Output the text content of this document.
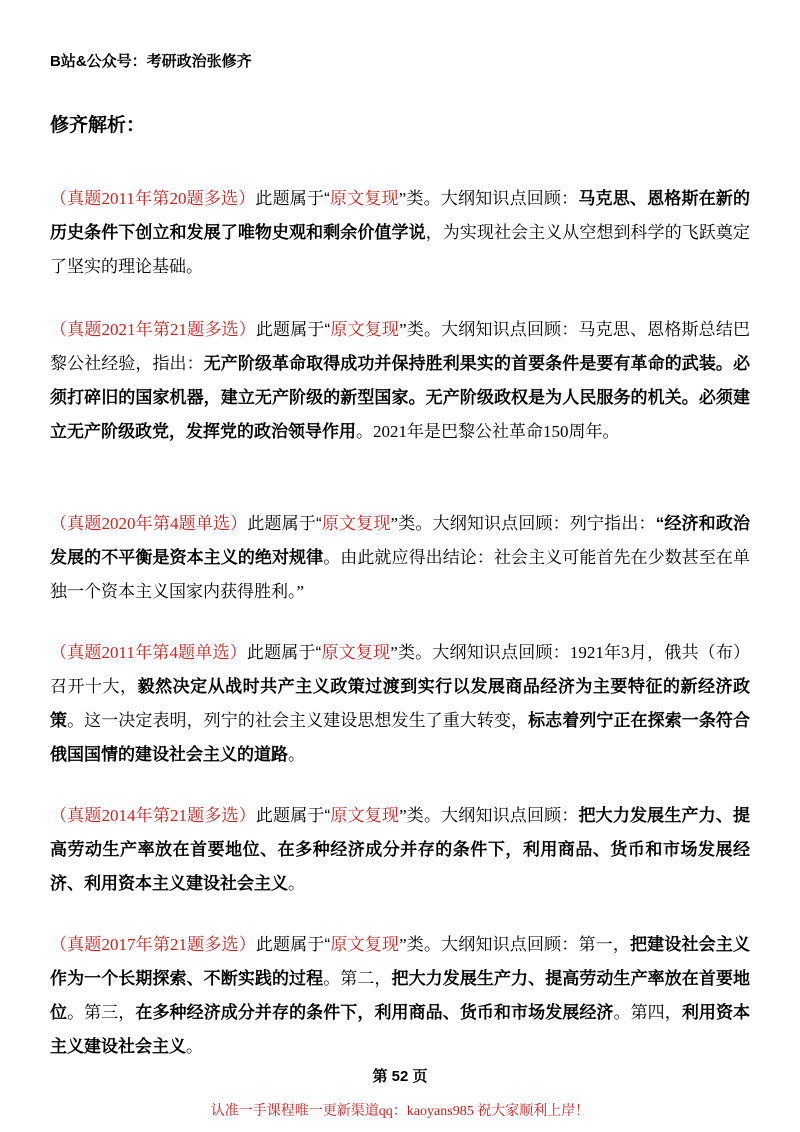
B站&公众号：考研政治张修齐
修齐解析：
（真题2011年第20题多选）此题属于“原文复现”类。大纲知识点回顾：马克思、恩格斯在新的历史条件下创立和发展了唯物史观和剩余价值学说，为实现社会主义从空想到科学的飞跃奠定了坚实的理论基础。
（真题2021年第21题多选）此题属于“原文复现”类。大纲知识点回顾：马克思、恩格斯总结巴黎公社经验，指出：无产阶级革命取得成功并保持胜利果实的首要条件是要有革命的武装。必须打碎旧的国家机器，建立无产阶级的新型国家。无产阶级政权是为人民服务的机关。必须建立无产阶级政党，发挥党的政治领导作用。2021年是巴黎公社革命150周年。
（真题2020年第4题单选）此题属于“原文复现”类。大纲知识点回顾：列宁指出：“经济和政治发展的不平衡是资本主义的绝对规律。由此就应得出结论：社会主义可能首先在少数甚至在单独一个资本主义国家内获得胜利。”
（真题2011年第4题单选）此题属于“原文复现”类。大纲知识点回顾：1921年3月，俄共（布）召开十大，毅然决定从战时共产主义政策过渡到实行以发展商品经济为主要特征的新经济政策。这一决定表明，列宁的社会主义建设思想发生了重大转变，标志着列宁正在探索一条符合俄国国情的建设社会主义的道路。
（真题2014年第21题多选）此题属于“原文复现”类。大纲知识点回顾：把大力发展生产力、提高劳动生产率放在首要地位、在多种经济成分并存的条件下，利用商品、货币和市场发展经济、利用资本主义建设社会主义。
（真题2017年第21题多选）此题属于“原文复现”类。大纲知识点回顾：第一，把建设社会主义作为一个长期探索、不断实践的过程。第二，把大力发展生产力、提高劳动生产率放在首要地位。第三，在多种经济成分并存的条件下，利用商品、货币和市场发展经济。第四，利用资本主义建设社会主义。
第 52 页
认准一手课程唯一更新渠道qq：kaoyans985 祝大家顺利上岸！
